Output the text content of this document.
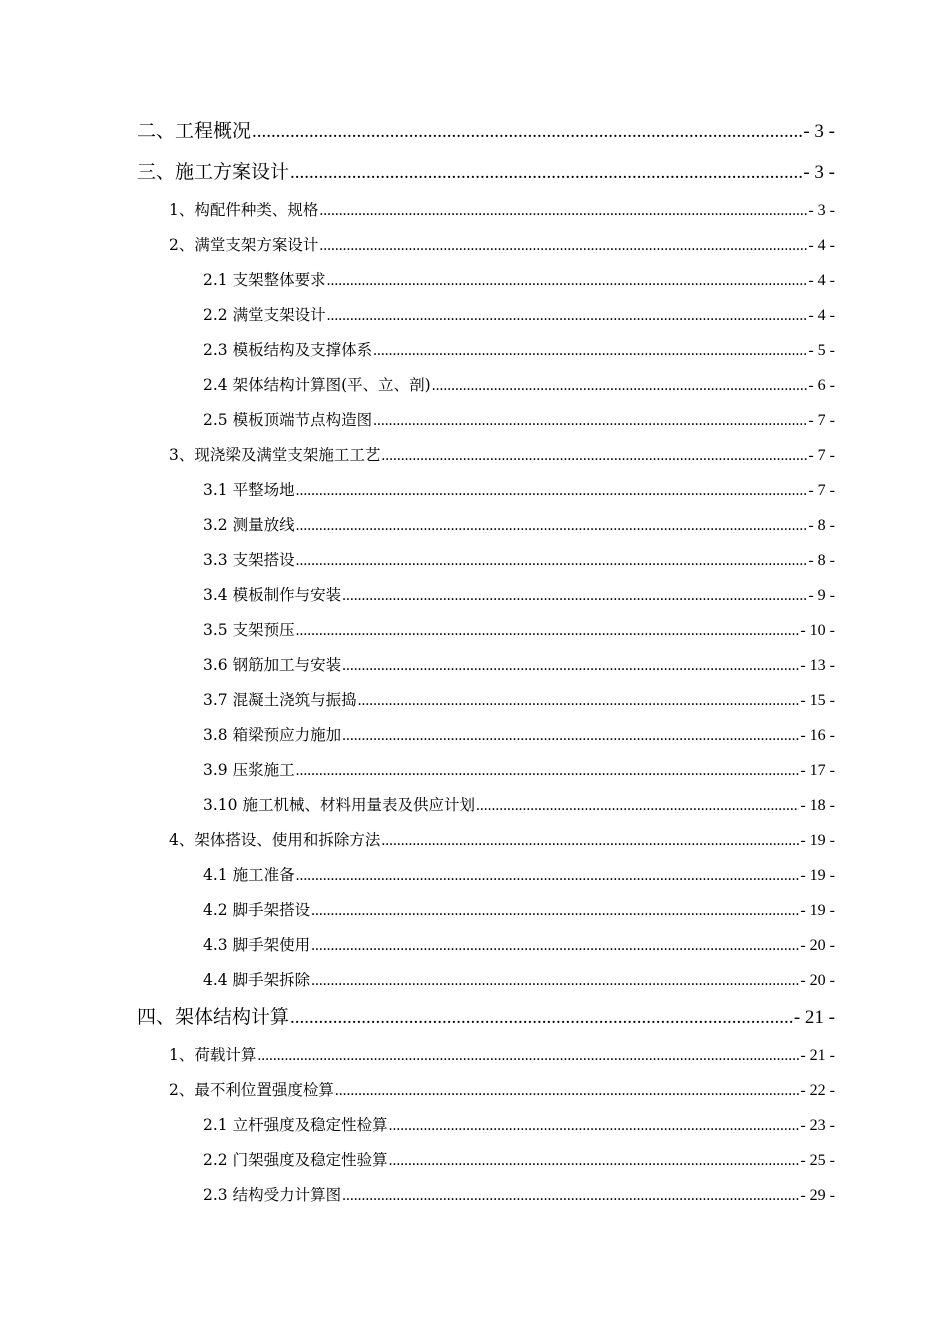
二、工程概况 .....	- 3 -
三、施工方案设计 .....	- 3 -
1、构配件种类、规格 .....	- 3 -
2、满堂支架方案设计 .....	- 4 -
2.1 支架整体要求 .....	- 4 -
2.2 满堂支架设计 .....	- 4 -
2.3 模板结构及支撑体系 .....	- 5 -
2.4 架体结构计算图(平、立、剖) .....	- 6 -
2.5 模板顶端节点构造图 .....	- 7 -
3、现浇梁及满堂支架施工工艺 .....	- 7 -
3.1 平整场地 .....	- 7 -
3.2 测量放线 .....	- 8 -
3.3 支架搭设 .....	- 8 -
3.4 模板制作与安装 .....	- 9 -
3.5 支架预压 .....	- 10 -
3.6 钢筋加工与安装 .....	- 13 -
3.7 混凝土浇筑与振捣 .....	- 15 -
3.8 箱梁预应力施加 .....	- 16 -
3.9 压浆施工 .....	- 17 -
3.10 施工机械、材料用量表及供应计划 .....	- 18 -
4、架体搭设、使用和拆除方法 .....	- 19 -
4.1 施工准备 .....	- 19 -
4.2 脚手架搭设 .....	- 19 -
4.3 脚手架使用 .....	- 20 -
4.4 脚手架拆除 .....	- 20 -
四、架体结构计算 .....	- 21 -
1、荷载计算 .....	- 21 -
2、最不利位置强度检算 .....	- 22 -
2.1 立杆强度及稳定性检算 .....	- 23 -
2.2 门架强度及稳定性验算 .....	- 25 -
2.3 结构受力计算图 .....	- 29 -
